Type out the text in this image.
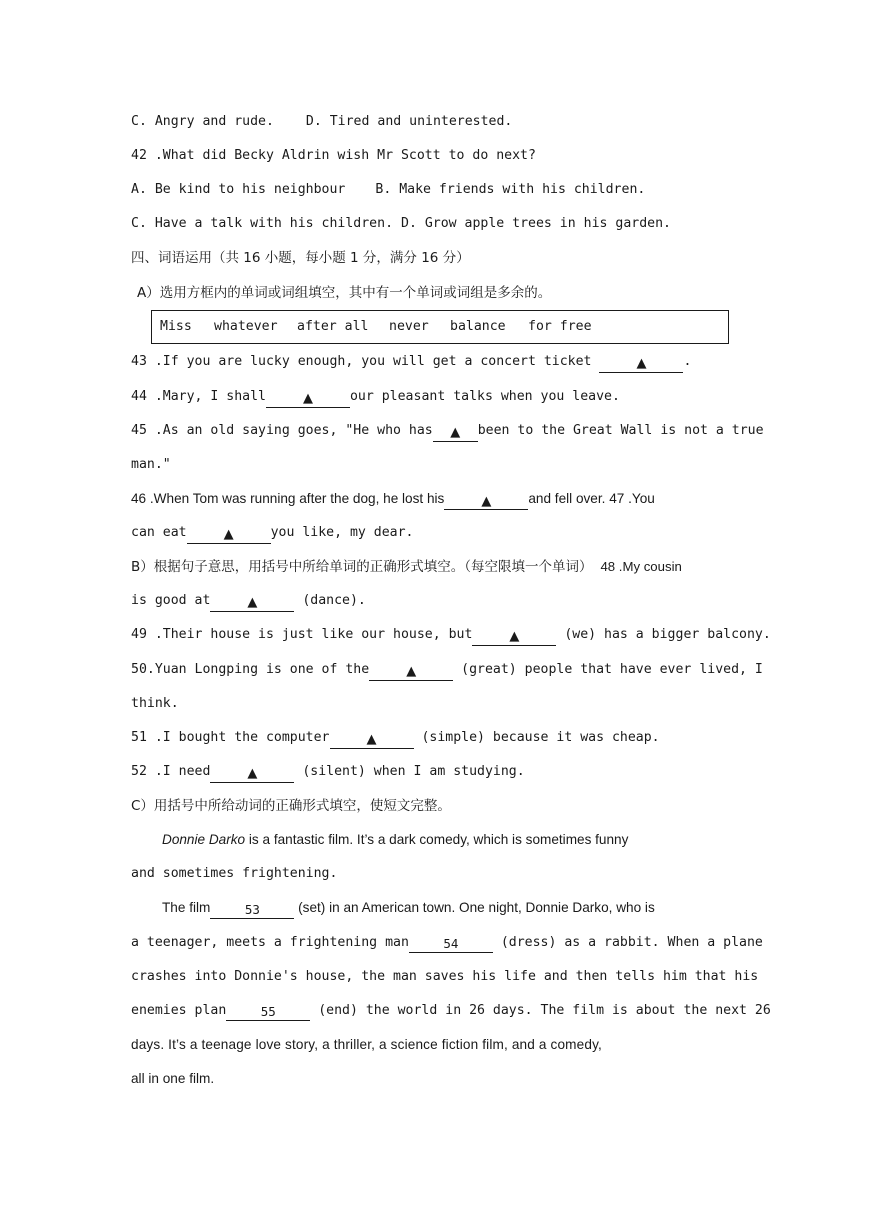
C. Angry and rude. D. Tired and uninterested.
42 .What did Becky Aldrin wish Mr Scott to do next?
A. Be kind to his neighbour B. Make friends with his children.
C. Have a talk with his children. D. Grow apple trees in his garden.
四、词语运用（共 16 小题，每小题 1 分，满分 16 分）
A）选用方框内的单词或词组填空，其中有一个单词或词组是多余的。
Miss whatever after all never balance for free
43 .If you are lucky enough, you will get a concert ticket	▲	.
44 .Mary, I shall	▲	our pleasant talks when you leave.
45 .As an old saying goes, "He who has ▲ been to the Great Wall is not a true
man."
46 .When Tom was running after the dog, he lost his	▲	and fell over. 47 .You
can eat	▲	you like, my dear.
B）根据句子意思，用括号中所给单词的正确形式填空。（每空限填一个单词） 48 .My cousin
is good at	▲	(dance).
49 .Their house is just like our house, but	▲	(we) has a bigger balcony.
50.Yuan Longping is one of the	▲	(great) people that have ever lived, I
think.
51 .I bought the computer	▲	(simple) because it was cheap.
52 .I need	▲	(silent) when I am studying.
C）用括号中所给动词的正确形式填空，使短文完整。
Donnie Darko is a fantastic film. It’s a dark comedy, which is sometimes funny
and sometimes frightening.
The film	53	(set) in an American town. One night, Donnie Darko, who is
a teenager, meets a frightening man	54	(dress) as a rabbit. When a plane
crashes into Donnie's house, the man saves his life and then tells him that his
enemies plan	55	(end) the world in 26 days. The film is about the next 26
days. It’s a teenage love story, a thriller, a science fiction film, and a comedy,
all in one film.
